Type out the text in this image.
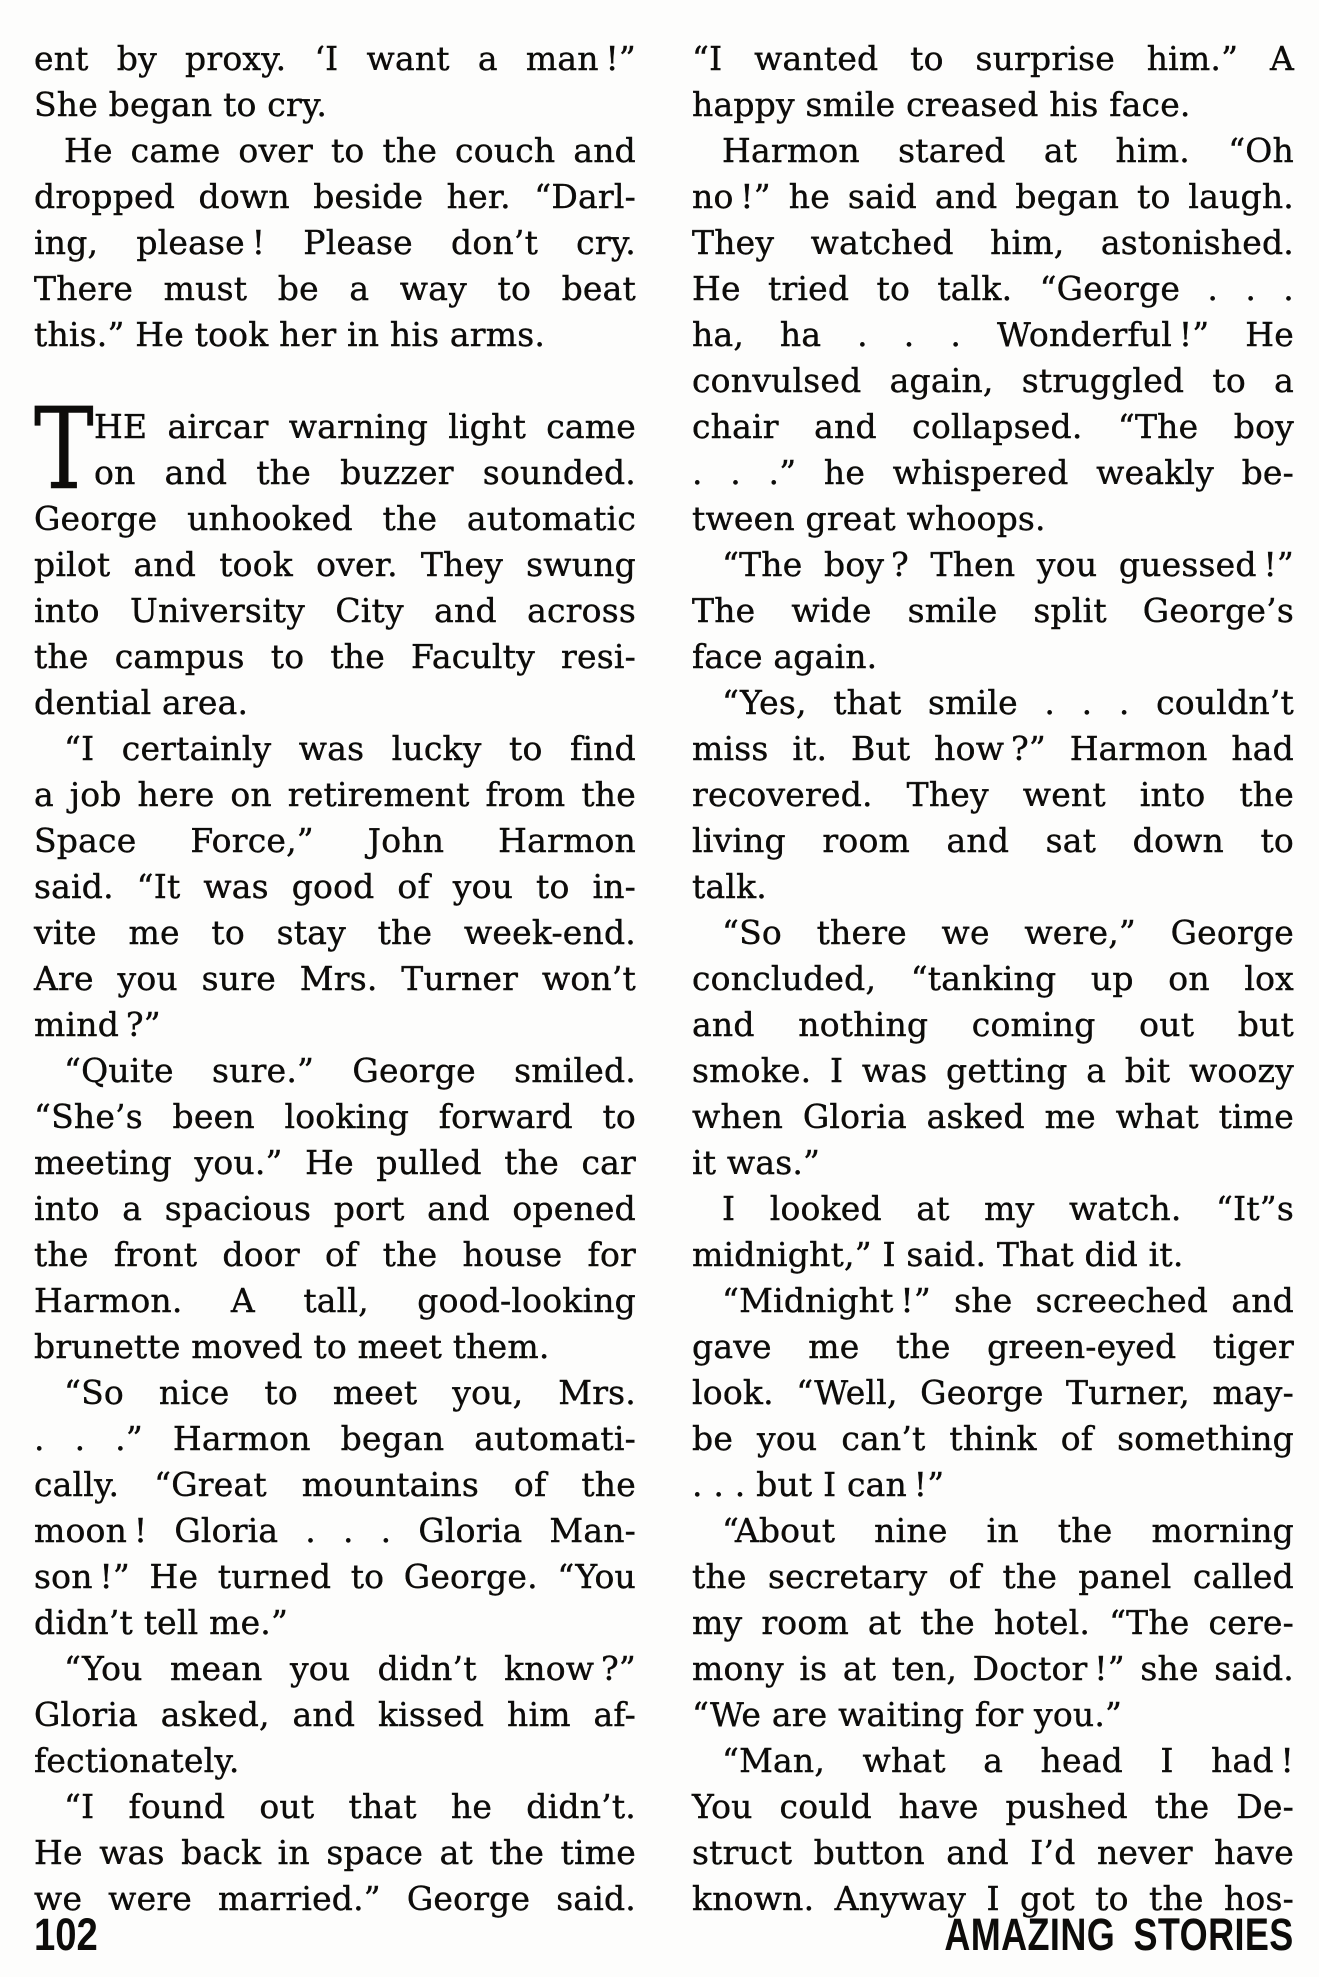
ent by proxy. ‘I want a man !”
She began to cry.
He came over to the couch and
dropped down beside her. “Darl-
ing, please ! Please don’t cry.
There must be a way to beat
this.” He took her in his arms.
T HE aircar warning light came
on and the buzzer sounded.
George unhooked the automatic
pilot and took over. They swung
into University City and across
the campus to the Faculty resi-
dential area.
“I certainly was lucky to find
a job here on retirement from the
Space Force,” John Harmon
said. “It was good of you to in-
vite me to stay the week-end.
Are you sure Mrs. Turner won’t
mind ?”
“Quite sure.” George smiled.
“She’s been looking forward to
meeting you.” He pulled the car
into a spacious port and opened
the front door of the house for
Harmon. A tall, good-looking
brunette moved to meet them.
“So nice to meet you, Mrs.
. . .” Harmon began automati-
cally. “Great mountains of the
moon ! Gloria . . . Gloria Man-
son !” He turned to George. “You
didn’t tell me.”
“You mean you didn’t know ?”
Gloria asked, and kissed him af-
fectionately.
“I found out that he didn’t.
He was back in space at the time
we were married.” George said.
“I wanted to surprise him.” A
happy smile creased his face.
Harmon stared at him. “Oh
no !” he said and began to laugh.
They watched him, astonished.
He tried to talk. “George . . .
ha, ha . . . Wonderful !” He
convulsed again, struggled to a
chair and collapsed. “The boy
. . .” he whispered weakly be-
tween great whoops.
“The boy ? Then you guessed !”
The wide smile split George’s
face again.
“Yes, that smile . . . couldn’t
miss it. But how ?” Harmon had
recovered. They went into the
living room and sat down to
talk.
“So there we were,” George
concluded, “tanking up on lox
and nothing coming out but
smoke. I was getting a bit woozy
when Gloria asked me what time
it was.”
I looked at my watch. “It”s
midnight,” I said. That did it.
“Midnight !” she screeched and
gave me the green-eyed tiger
look. “Well, George Turner, may-
be you can’t think of something
. . . but I can !”
“About nine in the morning
the secretary of the panel called
my room at the hotel. “The cere-
mony is at ten, Doctor !” she said.
“We are waiting for you.”
“Man, what a head I had !
You could have pushed the De-
struct button and I’d never have
known. Anyway I got to the hos-
102	AMAZING STORIES
